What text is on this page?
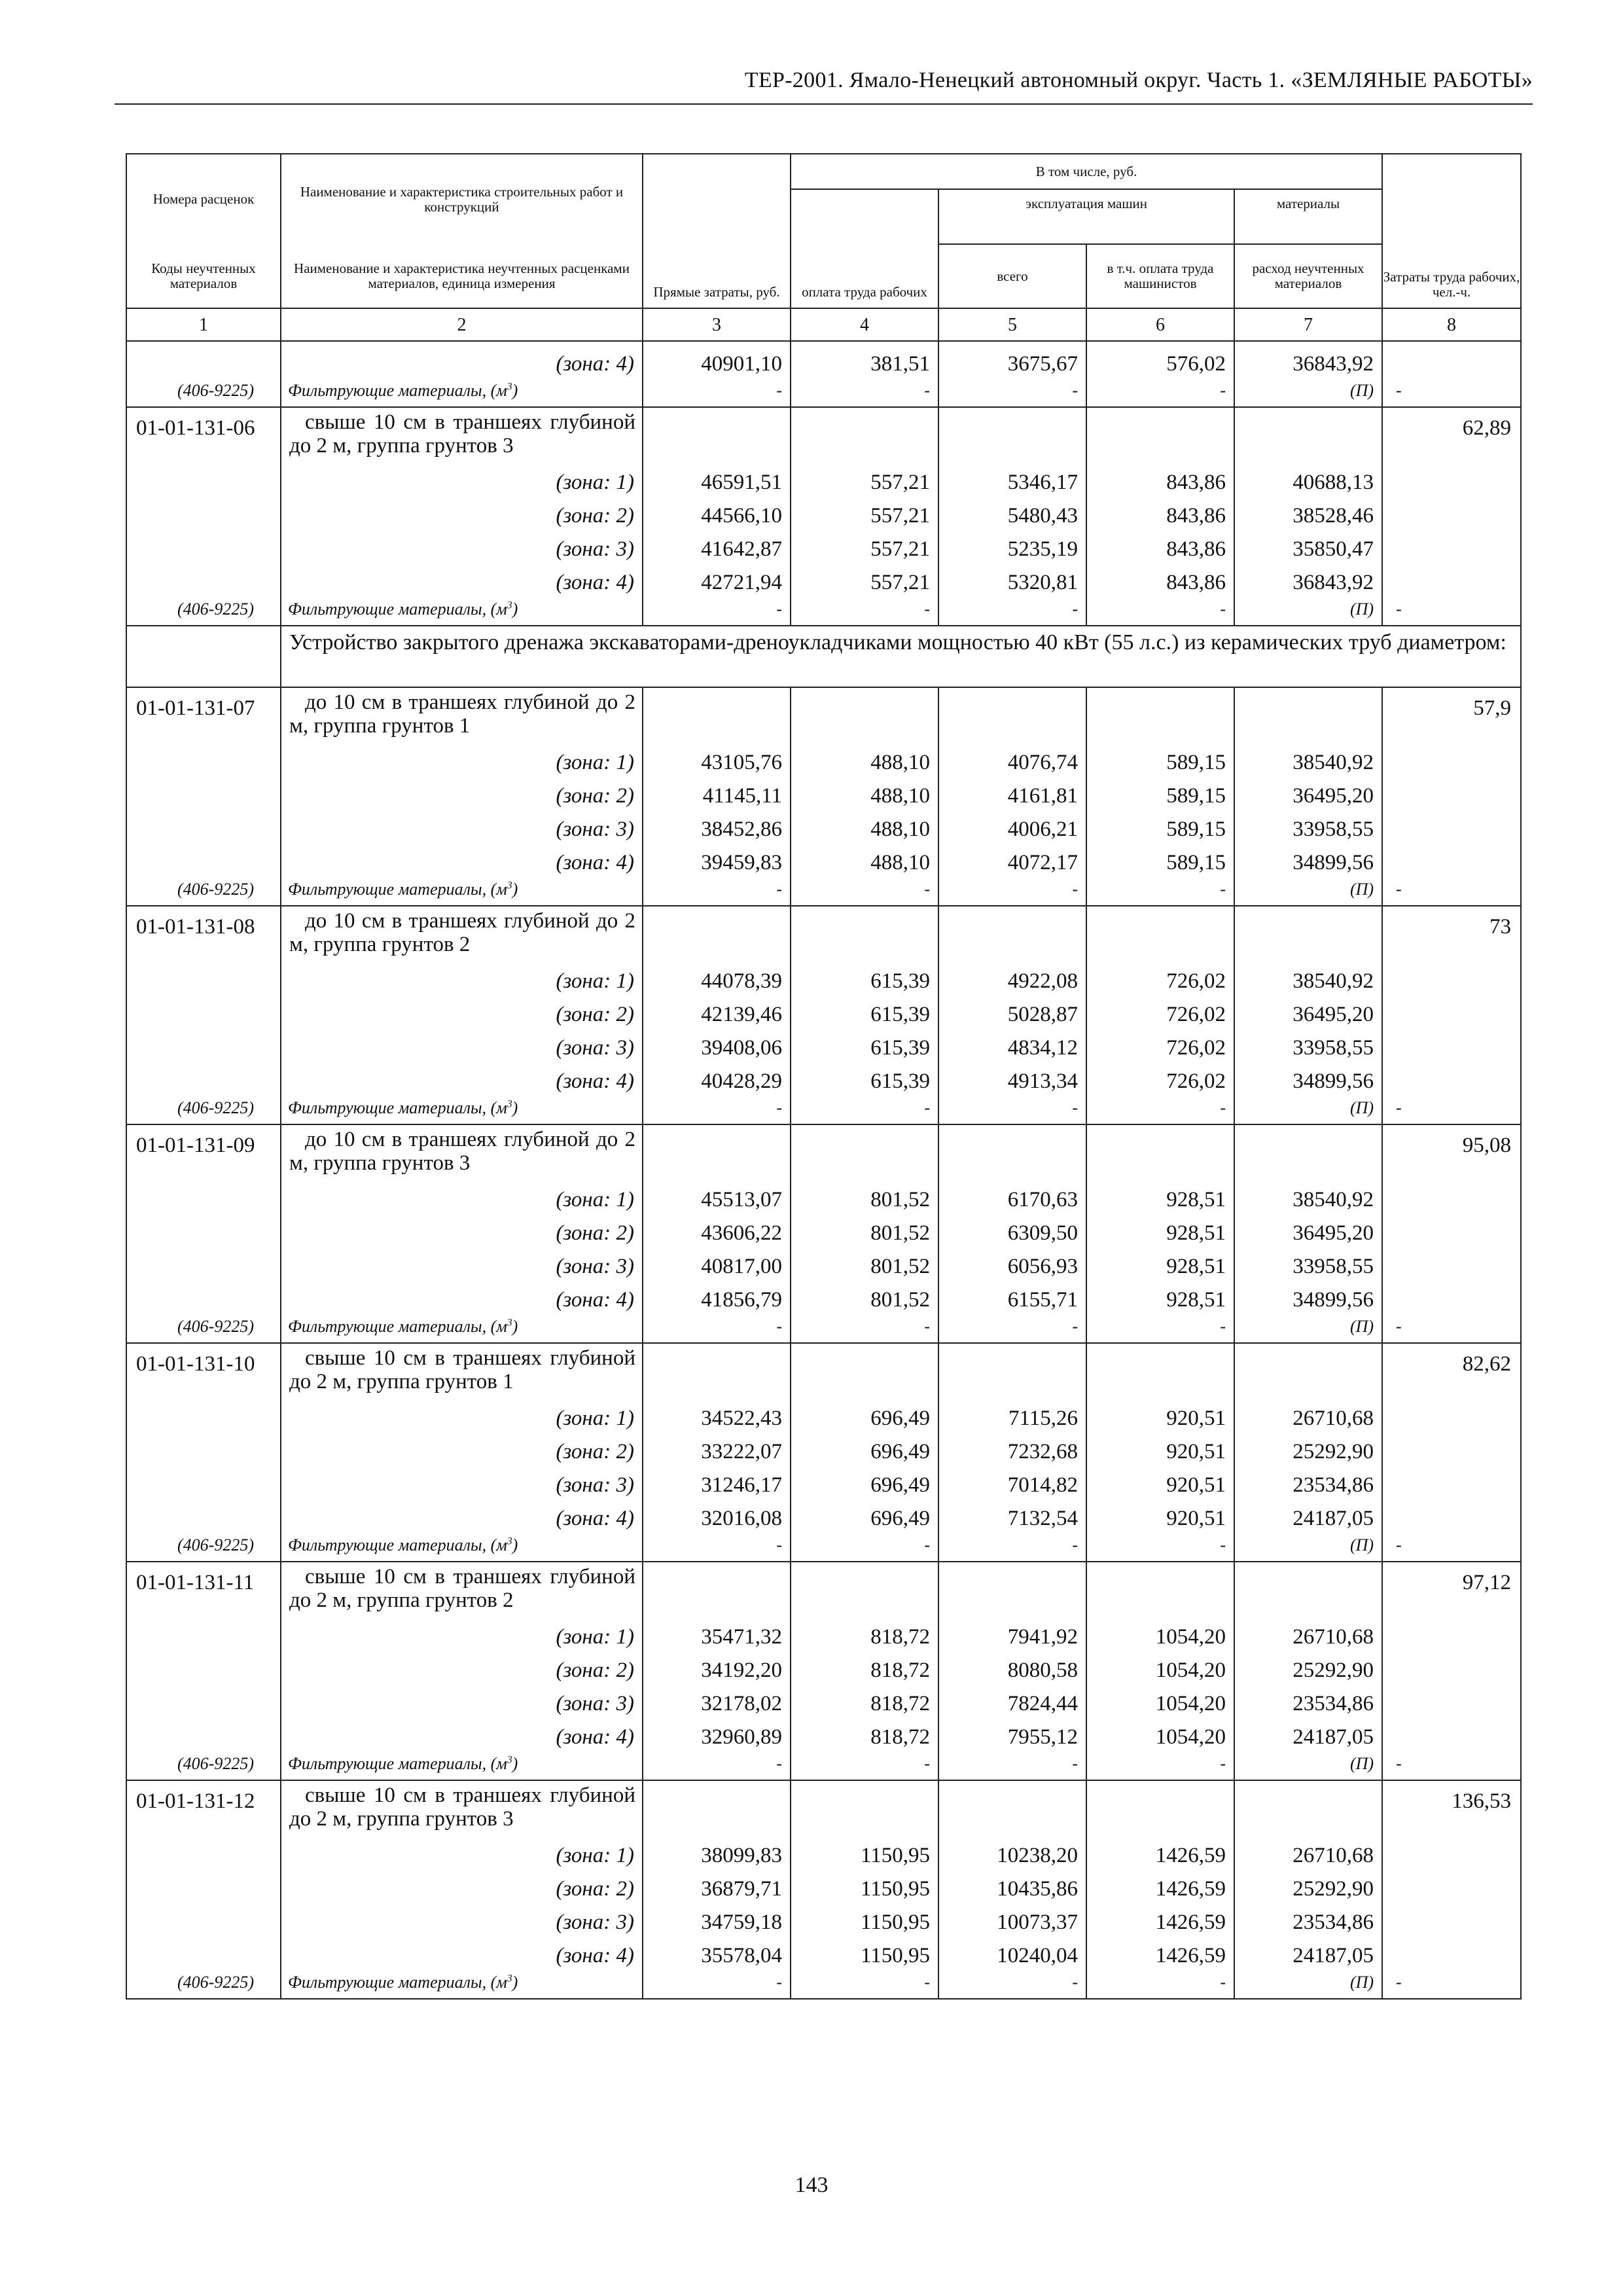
ТЕР-2001. Ямало-Ненецкий автономный округ. Часть 1. «ЗЕМЛЯНЫЕ РАБОТЫ»
Номера расценок	Наименование и характеристика строительных работ и конструкций	Прямые затраты, руб.	В том числе, руб.				Затраты труда рабочих, чел.-ч.
			оплата труда рабочих	эксплуатация машин		материалы	
Коды неучтенных материалов	Наименование и характеристика неучтенных расценками материалов, единица измерения			всего	в т.ч. оплата труда машинистов	расход неучтенных материалов	
1	2	3	4	5	6	7	8
	(зона: 4)	40901,10	381,51	3675,67	576,02	36843,92	
(406-9225)	Фильтрующие материалы, $(м^3)$	-	-	-	-	(П)	-
01-01-131-06	свыше 10 см в траншеях глубиной до 2 м, группа грунтов 3						62,89
	(зона: 1)	46591,51	557,21	5346,17	843,86	40688,13	
	(зона: 2)	44566,10	557,21	5480,43	843,86	38528,46	
	(зона: 3)	41642,87	557,21	5235,19	843,86	35850,47	
	(зона: 4)	42721,94	557,21	5320,81	843,86	36843,92	
(406-9225)	Фильтрующие материалы, $(м^3)$	-	-	-	-	(П)	-
	Устройство закрытого дренажа экскаваторами-дреноукладчиками мощностью 40 кВт (55 л.с.) из керамических труб диаметром:						
01-01-131-07	до 10 см в траншеях глубиной до 2 м, группа грунтов 1						57,9
	(зона: 1)	43105,76	488,10	4076,74	589,15	38540,92	
	(зона: 2)	41145,11	488,10	4161,81	589,15	36495,20	
	(зона: 3)	38452,86	488,10	4006,21	589,15	33958,55	
	(зона: 4)	39459,83	488,10	4072,17	589,15	34899,56	
(406-9225)	Фильтрующие материалы, $(м^3)$	-	-	-	-	(П)	-
01-01-131-08	до 10 см в траншеях глубиной до 2 м, группа грунтов 2						73
	(зона: 1)	44078,39	615,39	4922,08	726,02	38540,92	
	(зона: 2)	42139,46	615,39	5028,87	726,02	36495,20	
	(зона: 3)	39408,06	615,39	4834,12	726,02	33958,55	
	(зона: 4)	40428,29	615,39	4913,34	726,02	34899,56	
(406-9225)	Фильтрующие материалы, $(м^3)$	-	-	-	-	(П)	-
01-01-131-09	до 10 см в траншеях глубиной до 2 м, группа грунтов 3						95,08
	(зона: 1)	45513,07	801,52	6170,63	928,51	38540,92	
	(зона: 2)	43606,22	801,52	6309,50	928,51	36495,20	
	(зона: 3)	40817,00	801,52	6056,93	928,51	33958,55	
	(зона: 4)	41856,79	801,52	6155,71	928,51	34899,56	
(406-9225)	Фильтрующие материалы, $(м^3)$	-	-	-	-	(П)	-
01-01-131-10	свыше 10 см в траншеях глубиной до 2 м, группа грунтов 1						82,62
	(зона: 1)	34522,43	696,49	7115,26	920,51	26710,68	
	(зона: 2)	33222,07	696,49	7232,68	920,51	25292,90	
	(зона: 3)	31246,17	696,49	7014,82	920,51	23534,86	
	(зона: 4)	32016,08	696,49	7132,54	920,51	24187,05	
(406-9225)	Фильтрующие материалы, $(м^3)$	-	-	-	-	(П)	-
01-01-131-11	свыше 10 см в траншеях глубиной до 2 м, группа грунтов 2						97,12
	(зона: 1)	35471,32	818,72	7941,92	1054,20	26710,68	
	(зона: 2)	34192,20	818,72	8080,58	1054,20	25292,90	
	(зона: 3)	32178,02	818,72	7824,44	1054,20	23534,86	
	(зона: 4)	32960,89	818,72	7955,12	1054,20	24187,05	
(406-9225)	Фильтрующие материалы, $(м^3)$	-	-	-	-	(П)	-
01-01-131-12	свыше 10 см в траншеях глубиной до 2 м, группа грунтов 3						136,53
	(зона: 1)	38099,83	1150,95	10238,20	1426,59	26710,68	
	(зона: 2)	36879,71	1150,95	10435,86	1426,59	25292,90	
	(зона: 3)	34759,18	1150,95	10073,37	1426,59	23534,86	
	(зона: 4)	35578,04	1150,95	10240,04	1426,59	24187,05	
(406-9225)	Фильтрующие материалы, $(м^3)$	-	-	-	-	(П)	-
143
